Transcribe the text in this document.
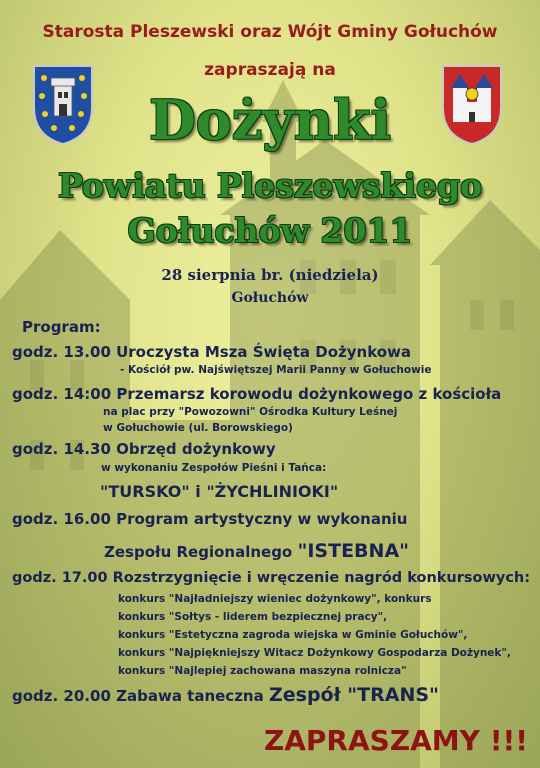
Starosta Pleszewski oraz Wójt Gminy Gołuchów
zapraszają na
Dożynki
Powiatu Pleszewskiego
Gołuchów 2011
28 sierpnia br. (niedziela)
Gołuchów
Program:
godz. 13.00 Uroczysta Msza Święta Dożynkowa
- Kościół pw. Najświętszej Marii Panny w Gołuchowie
godz. 14:00 Przemarsz korowodu dożynkowego z kościoła
na plac przy "Powozowni" Ośrodka Kultury Leśnej
w Gołuchowie (ul. Borowskiego)
godz. 14.30 Obrzęd dożynkowy
w wykonaniu Zespołów Pieśni i Tańca:
"TURSKO" i "ŻYCHLINIOKI"
godz. 16.00 Program artystyczny w wykonaniu
Zespołu Regionalnego "ISTEBNA"
godz. 17.00 Rozstrzygnięcie i wręczenie nagród konkursowych:
konkurs "Najładniejszy wieniec dożynkowy", konkurs
konkurs "Sołtys - liderem bezpiecznej pracy",
konkurs "Estetyczna zagroda wiejska w Gminie Gołuchów",
konkurs "Najpiękniejszy Witacz Dożynkowy Gospodarza Dożynek",
konkurs "Najlepiej zachowana maszyna rolnicza"
godz. 20.00 Zabawa taneczna Zespół "TRANS"
ZAPRASZAMY !!!
